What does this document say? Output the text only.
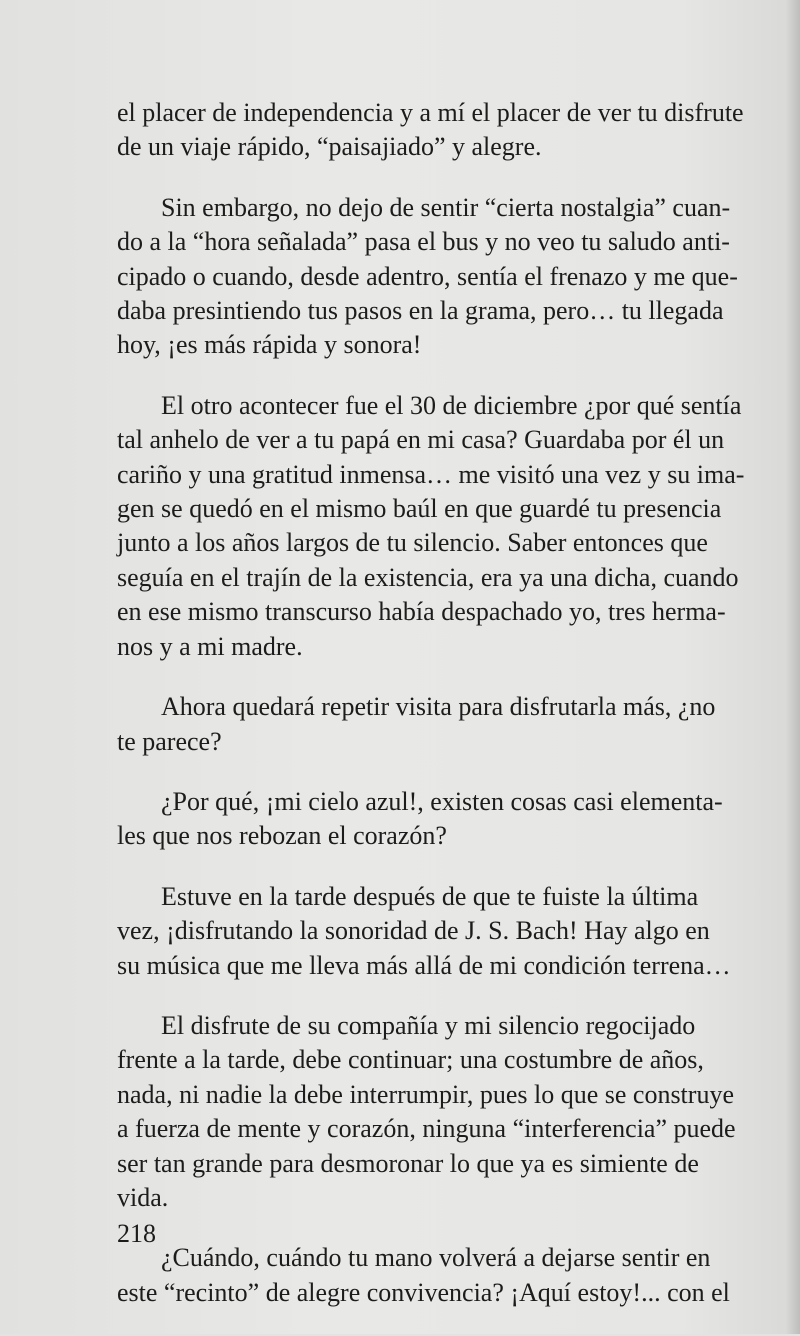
el placer de independencia y a mí el placer de ver tu disfrute
de un viaje rápido, “paisajiado” y alegre.

Sin embargo, no dejo de sentir “cierta nostalgia” cuan-
do a la “hora señalada” pasa el bus y no veo tu saludo anti-
cipado o cuando, desde adentro, sentía el frenazo y me que-
daba presintiendo tus pasos en la grama, pero… tu llegada
hoy, ¡es más rápida y sonora!

El otro acontecer fue el 30 de diciembre ¿por qué sentía
tal anhelo de ver a tu papá en mi casa? Guardaba por él un
cariño y una gratitud inmensa… me visitó una vez y su ima-
gen se quedó en el mismo baúl en que guardé tu presencia
junto a los años largos de tu silencio. Saber entonces que
seguía en el trajín de la existencia, era ya una dicha, cuando
en ese mismo transcurso había despachado yo, tres herma-
nos y a mi madre.

Ahora quedará repetir visita para disfrutarla más, ¿no
te parece?

¿Por qué, ¡mi cielo azul!, existen cosas casi elementa-
les que nos rebozan el corazón?

Estuve en la tarde después de que te fuiste la última
vez, ¡disfrutando la sonoridad de J. S. Bach! Hay algo en
su música que me lleva más allá de mi condición terrena…

El disfrute de su compañía y mi silencio regocijado
frente a la tarde, debe continuar; una costumbre de años,
nada, ni nadie la debe interrumpir, pues lo que se construye
a fuerza de mente y corazón, ninguna “interferencia” puede
ser tan grande para desmoronar lo que ya es simiente de
vida.

¿Cuándo, cuándo tu mano volverá a dejarse sentir en
este “recinto” de alegre convivencia? ¡Aquí estoy!... con el

218
